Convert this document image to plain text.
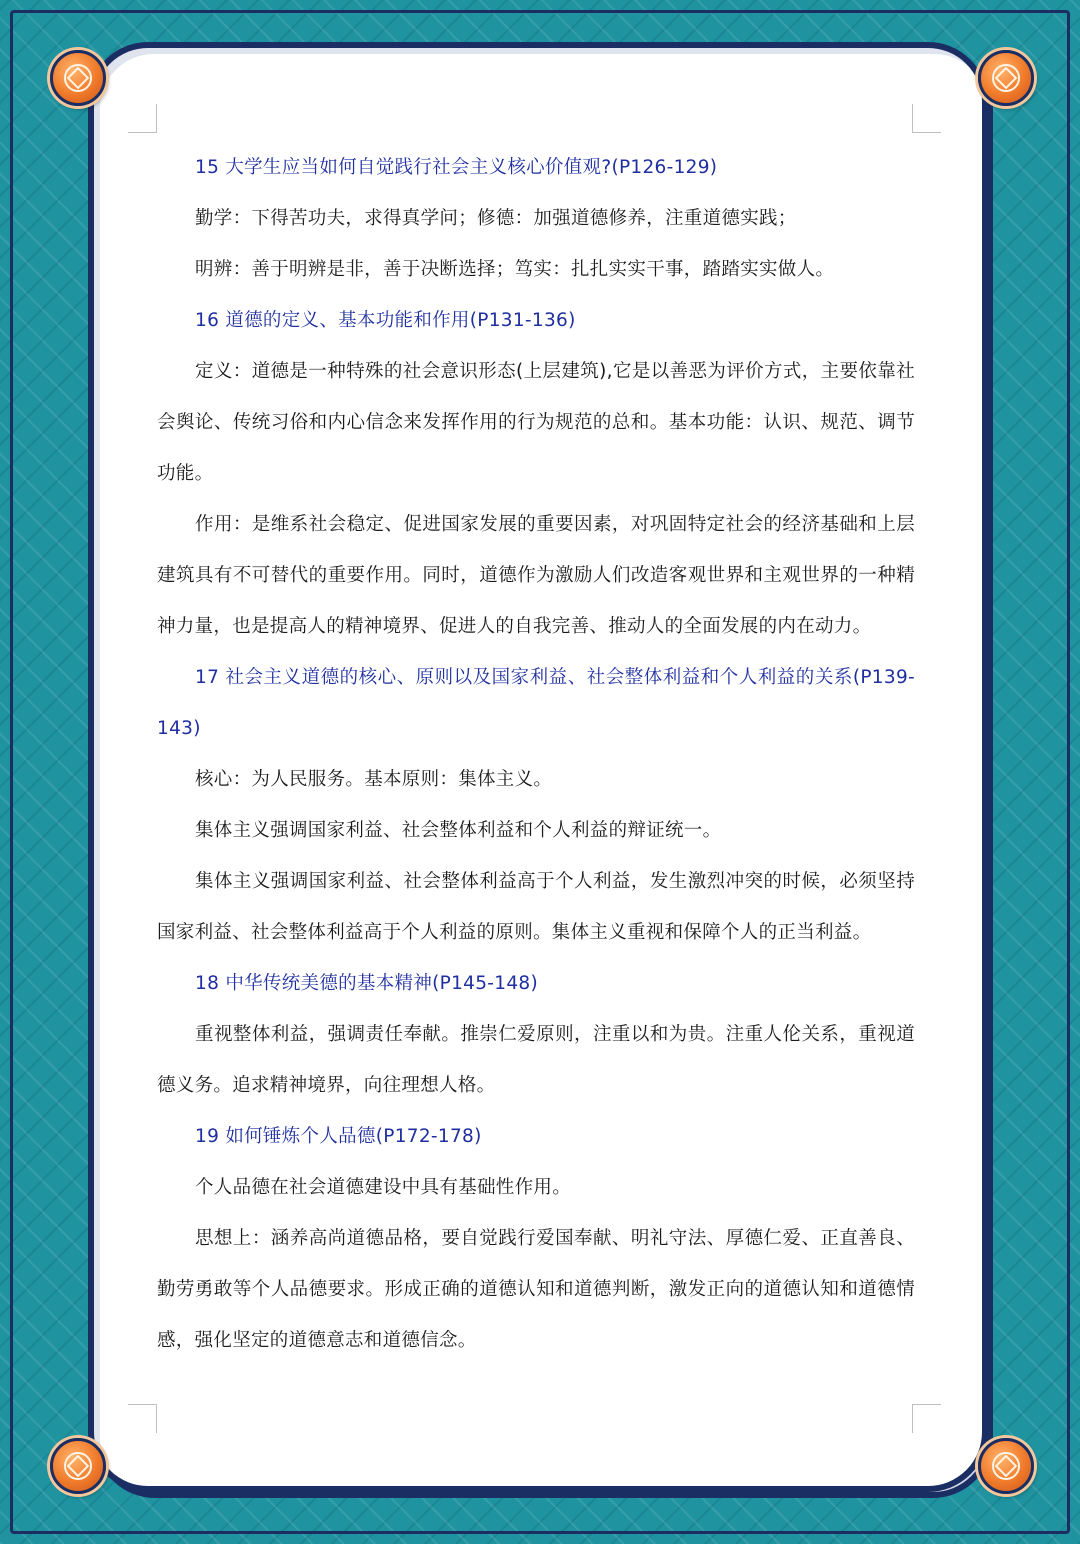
15 大学生应当如何自觉践行社会主义核心价值观?(P126-129)

勤学：下得苦功夫，求得真学问；修德：加强道德修养，注重道德实践；

明辨：善于明辨是非，善于决断选择；笃实：扎扎实实干事，踏踏实实做人。

16 道德的定义、基本功能和作用(P131-136)

定义：道德是一种特殊的社会意识形态(上层建筑),它是以善恶为评价方式，主要依靠社会舆论、传统习俗和内心信念来发挥作用的行为规范的总和。基本功能：认识、规范、调节功能。

作用：是维系社会稳定、促进国家发展的重要因素，对巩固特定社会的经济基础和上层建筑具有不可替代的重要作用。同时，道德作为激励人们改造客观世界和主观世界的一种精神力量，也是提高人的精神境界、促进人的自我完善、推动人的全面发展的内在动力。

17 社会主义道德的核心、原则以及国家利益、社会整体利益和个人利益的关系(P139-143)

核心：为人民服务。基本原则：集体主义。

集体主义强调国家利益、社会整体利益和个人利益的辩证统一。

集体主义强调国家利益、社会整体利益高于个人利益，发生激烈冲突的时候，必须坚持国家利益、社会整体利益高于个人利益的原则。集体主义重视和保障个人的正当利益。

18 中华传统美德的基本精神(P145-148)

重视整体利益，强调责任奉献。推崇仁爱原则，注重以和为贵。注重人伦关系，重视道德义务。追求精神境界，向往理想人格。

19 如何锤炼个人品德(P172-178)

个人品德在社会道德建设中具有基础性作用。

思想上：涵养高尚道德品格，要自觉践行爱国奉献、明礼守法、厚德仁爱、正直善良、勤劳勇敢等个人品德要求。形成正确的道德认知和道德判断，激发正向的道德认知和道德情感，强化坚定的道德意志和道德信念。
